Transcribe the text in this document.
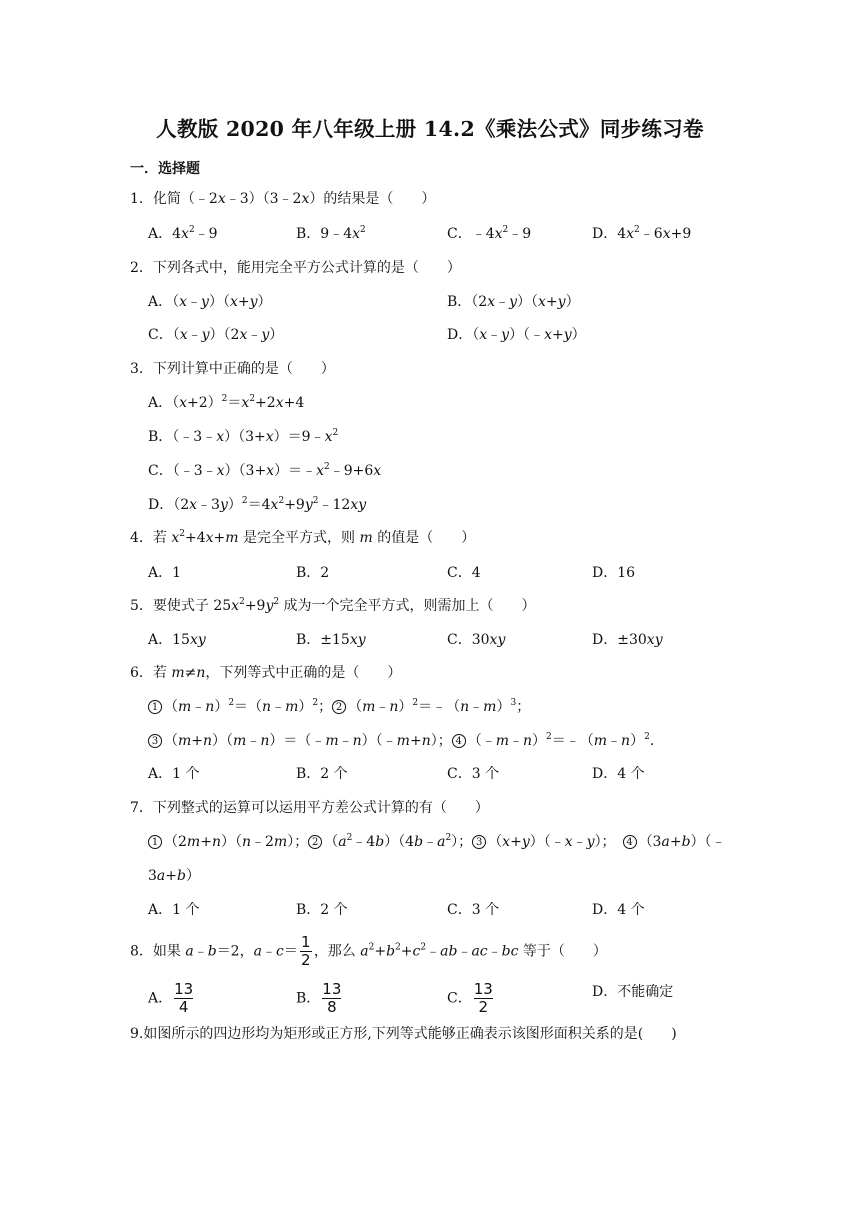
人教版 2020 年八年级上册 14.2《乘法公式》同步练习卷
一．选择题
1．化简（﹣2x﹣3）（3﹣2x）的结果是（　　）
A．$4x^2﹣9$	B．$9﹣4x^2$	C．$﹣4x^2﹣9$	D．$4x^2﹣6x+9$
2．下列各式中，能用完全平方公式计算的是（　　）
A．（x﹣y）（x+y）	B．（2x﹣y）（x+y）
C．（x﹣y）（2x﹣y）	D．（x﹣y）（﹣x+y）
3．下列计算中正确的是（　　）
A．$(x+2)^2=x^2+2x+4$
B．$(﹣3﹣x)(3+x)=9﹣x^2$
C．$(﹣3﹣x)(3+x)=﹣x^2﹣9+6x$
D．$(2x﹣3y)^2=4x^2+9y^2﹣12xy$
4．若 $x^2+4x+m$ 是完全平方式，则 m 的值是（　　）
A．1	B．2	C．4	D．16
5．要使式子 $25x^2+9y^2$ 成为一个完全平方式，则需加上（　　）
A．15xy	B．±15xy	C．30xy	D．±30xy
6．若 m≠n，下列等式中正确的是（　　）
1 （m﹣n）$^2$＝（n﹣m）$^2$； 2 （m﹣n）$^2$＝﹣（n﹣m）$^3$；
3 （m+n）（m﹣n）＝（﹣m﹣n）（﹣m+n）； 4 （﹣m﹣n）$^2$＝﹣（m﹣n）$^2$.
A．1 个	B．2 个	C．3 个	D．4 个
7．下列整式的运算可以运用平方差公式计算的有（　　）
1 （2m+n）（n﹣2m）； 2 $(a^2﹣4b)(4b﹣a^2)$； 3 （x+y）（﹣x﹣y）；　4 （3a+b）（﹣
3a+b）
A．1 个	B．2 个	C．3 个	D．4 个
8．如果 a﹣b＝2，a﹣c＝ $\frac{1}{2}$ ，那么 $a^2+b^2+c^2﹣ab﹣ac﹣bc$ 等于（　　）
A． $\frac{13}{4}$	B． $\frac{13}{8}$	C． $\frac{13}{2}$	D．不能确定
9.如图所示的四边形均为矩形或正方形,下列等式能够正确表示该图形面积关系的是(　　)
